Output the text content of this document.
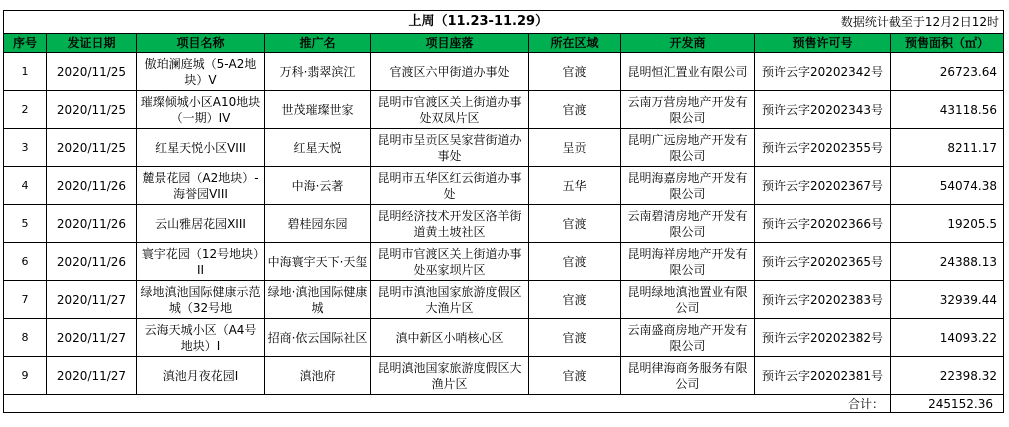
上周（11.23-11.29）							数据统计截至于12月2日12时	
序号	发证日期	项目名称	推广名	项目座落	所在区域	开发商	预售许可号	预售面积（㎡）
1	2020/11/25	傲珀澜庭城（5-A2地块）V	万科·翡翠滨江	官渡区六甲街道办事处	官渡	昆明恒汇置业有限公司	预许云字20202342号	26723.64
2	2020/11/25	璀璨倾城小区A10地块（一期）IV	世茂璀璨世家	昆明市官渡区关上街道办事处双凤片区	官渡	云南万营房地产开发有限公司	预许云字20202343号	43118.56
3	2020/11/25	红星天悦小区VIII	红星天悦	昆明市呈贡区吴家营街道办事处	呈贡	昆明广远房地产开发有限公司	预许云字20202355号	8211.17
4	2020/11/26	麓景花园（A2地块）-海誉园VIII	中海·云著	昆明市五华区红云街道办事处	五华	昆明海嘉房地产开发有限公司	预许云字20202367号	54074.38
5	2020/11/26	云山雅居花园XIII	碧桂园东园	昆明经济技术开发区洛羊街道黄土坡社区	官渡	云南碧清房地产开发有限公司	预许云字20202366号	19205.5
6	2020/11/26	寰宇花园（12号地块）II	中海寰宇天下·天玺	昆明市官渡区关上街道办事处巫家坝片区	官渡	昆明海祥房地产开发有限公司	预许云字20202365号	24388.13
7	2020/11/27	绿地滇池国际健康示范城（32号地	绿地·滇池国际健康城	昆明市滇池国家旅游度假区大渔片区	官渡	昆明绿地滇池置业有限公司	预许云字20202383号	32939.44
8	2020/11/27	云海天城小区（A4号地块）I	招商·依云国际社区	滇中新区小哨核心区	官渡	云南盛商房地产开发有限公司	预许云字20202382号	14093.22
9	2020/11/27	滇池月夜花园I	滇池府	昆明滇池国家旅游度假区大渔片区	官渡	昆明律海商务服务有限公司	预许云字20202381号	22398.32
合计：								245152.36
